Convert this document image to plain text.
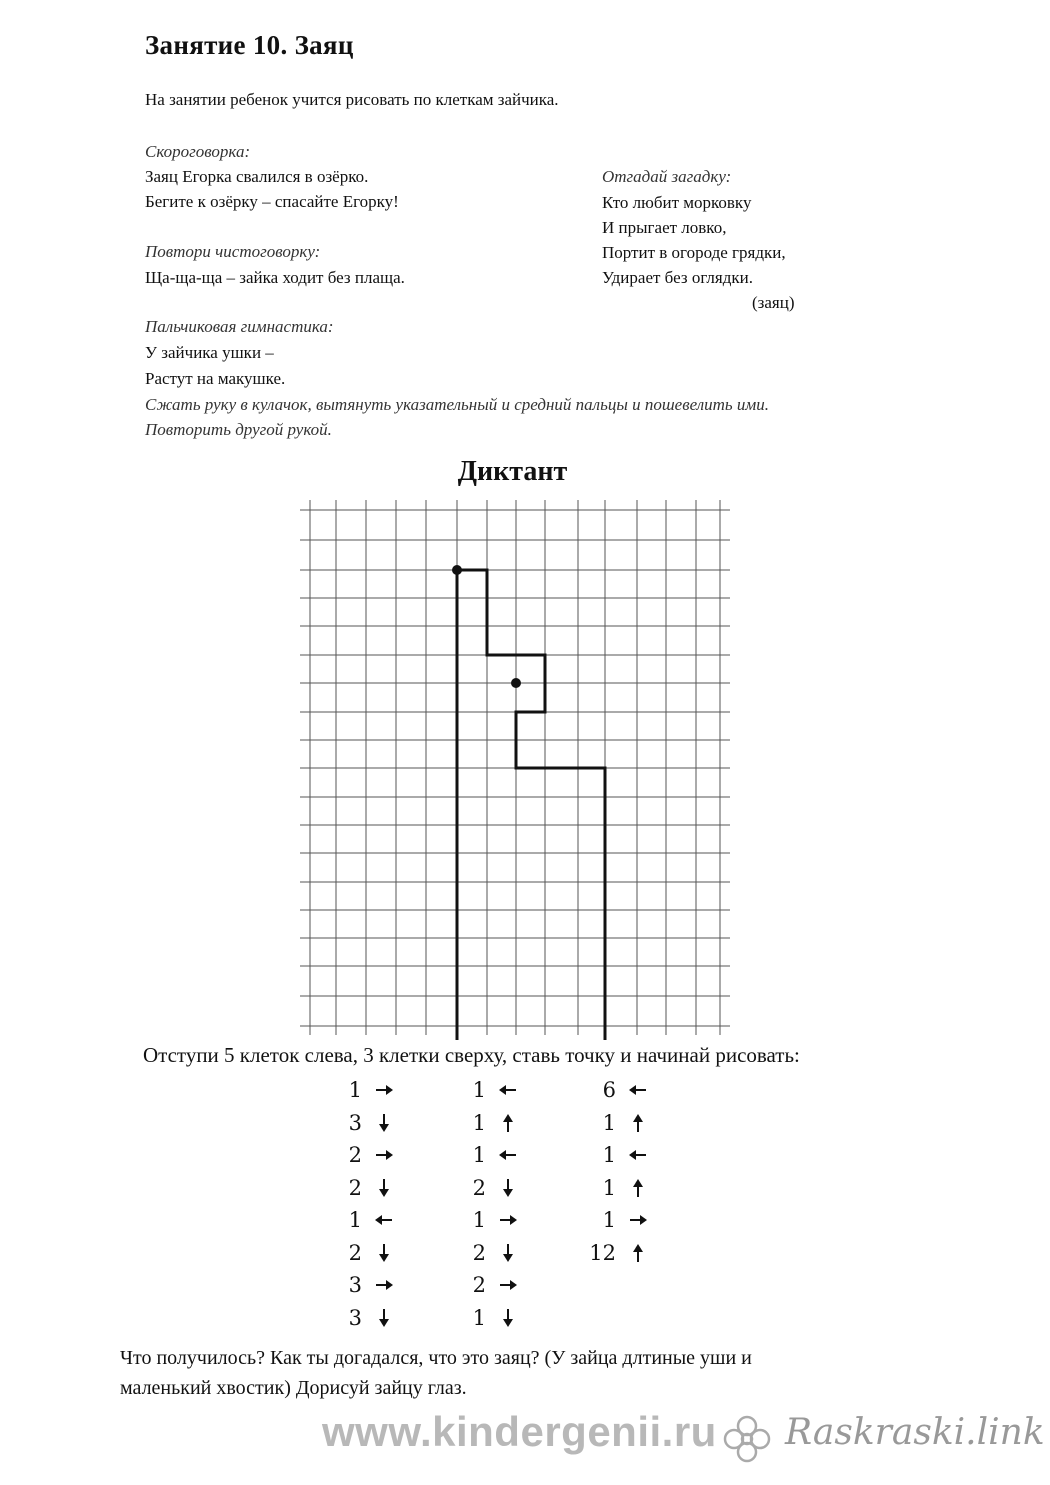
Занятие 10. Заяц
На занятии ребенок учится рисовать по клеткам зайчика.
Скороговорка:
Заяц Егорка свалился в озёрко.
Бегите к озёрку – спасайте Егорку!
Повтори чистоговорку:
Ща-ща-ща – зайка ходит без плаща.
Отгадай загадку:
Кто любит морковку
И прыгает ловко,
Портит в огороде грядки,
Удирает без оглядки.
(заяц)
Пальчиковая гимнастика:
У зайчика ушки –
Растут на макушке.
Сжать руку в кулачок, вытянуть указательный и средний пальцы и пошевелить ими.
Повторить другой рукой.
Диктант
Отступи 5 клеток слева, 3 клетки сверху, ставь точку и начинай рисовать:
1
3
2
2
1
2
3
3
1
1
1
2
1
2
2
1
6
1
1
1
1
12
Что получилось? Как ты догадался, что это заяц? (У зайца длтиные уши и
маленький хвостик) Дорисуй зайцу глаз.
www.kindergenii.ru Raskraski.link
